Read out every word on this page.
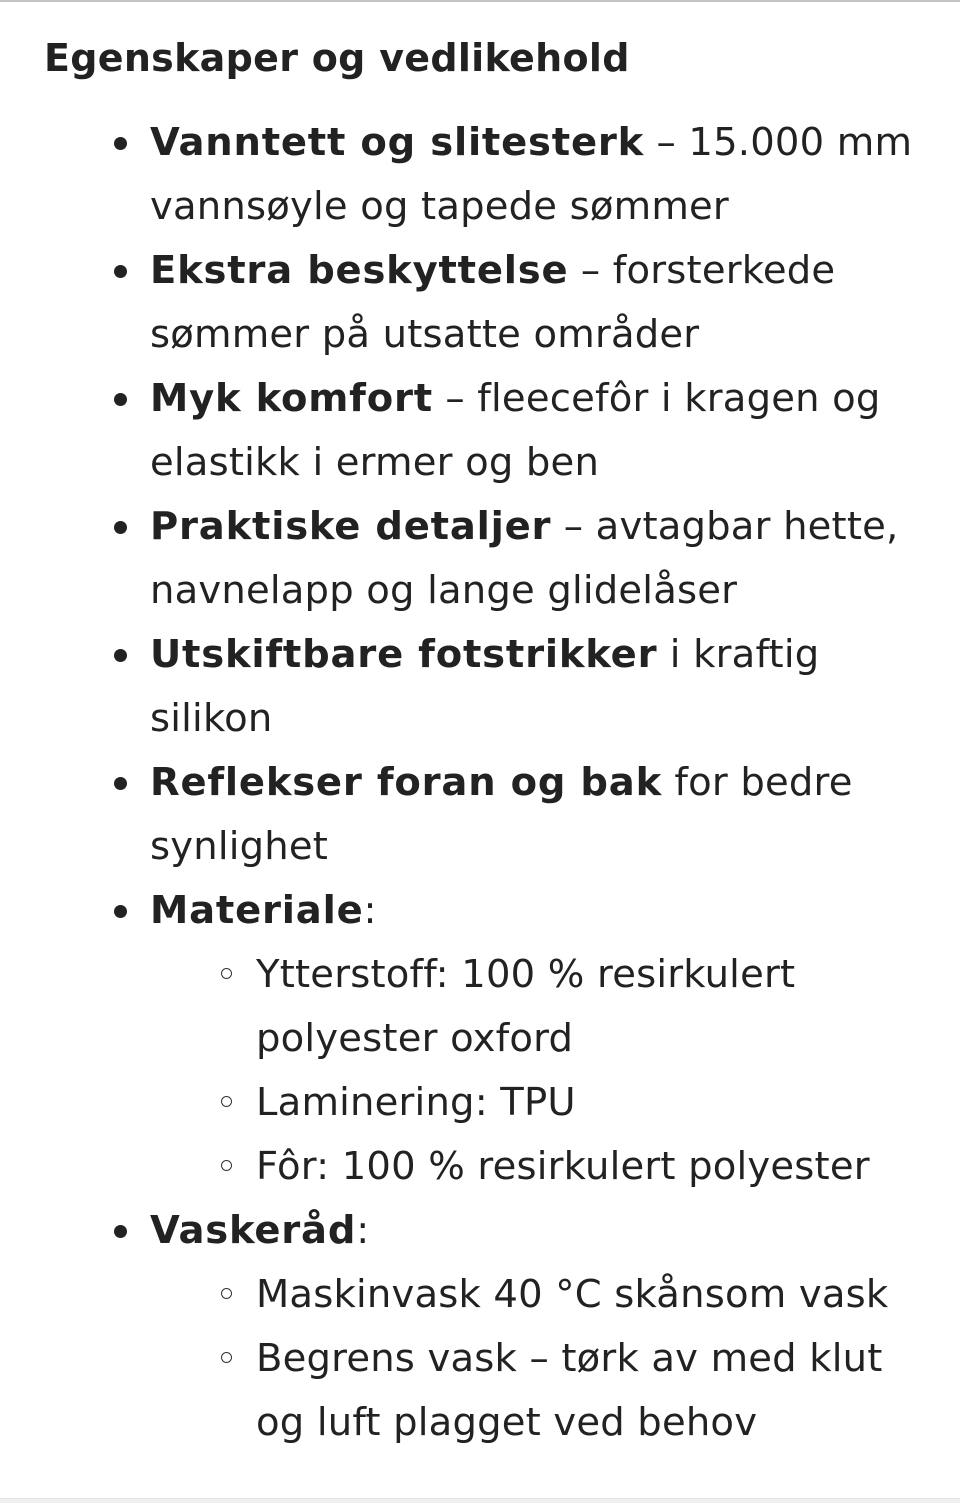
Egenskaper og vedlikehold
Vanntett og slitesterk – 15.000 mm vannsøyle og tapede sømmer
Ekstra beskyttelse – forsterkede sømmer på utsatte områder
Myk komfort – fleecefôr i kragen og elastikk i ermer og ben
Praktiske detaljer – avtagbar hette, navnelapp og lange glidelåser
Utskiftbare fotstrikker i kraftig silikon
Reflekser foran og bak for bedre synlighet
Materiale:
Ytterstoff: 100 % resirkulert polyester oxford
Laminering: TPU
Fôr: 100 % resirkulert polyester
Vaskeråd:
Maskinvask 40 °C skånsom vask
Begrens vask – tørk av med klut og luft plagget ved behov
